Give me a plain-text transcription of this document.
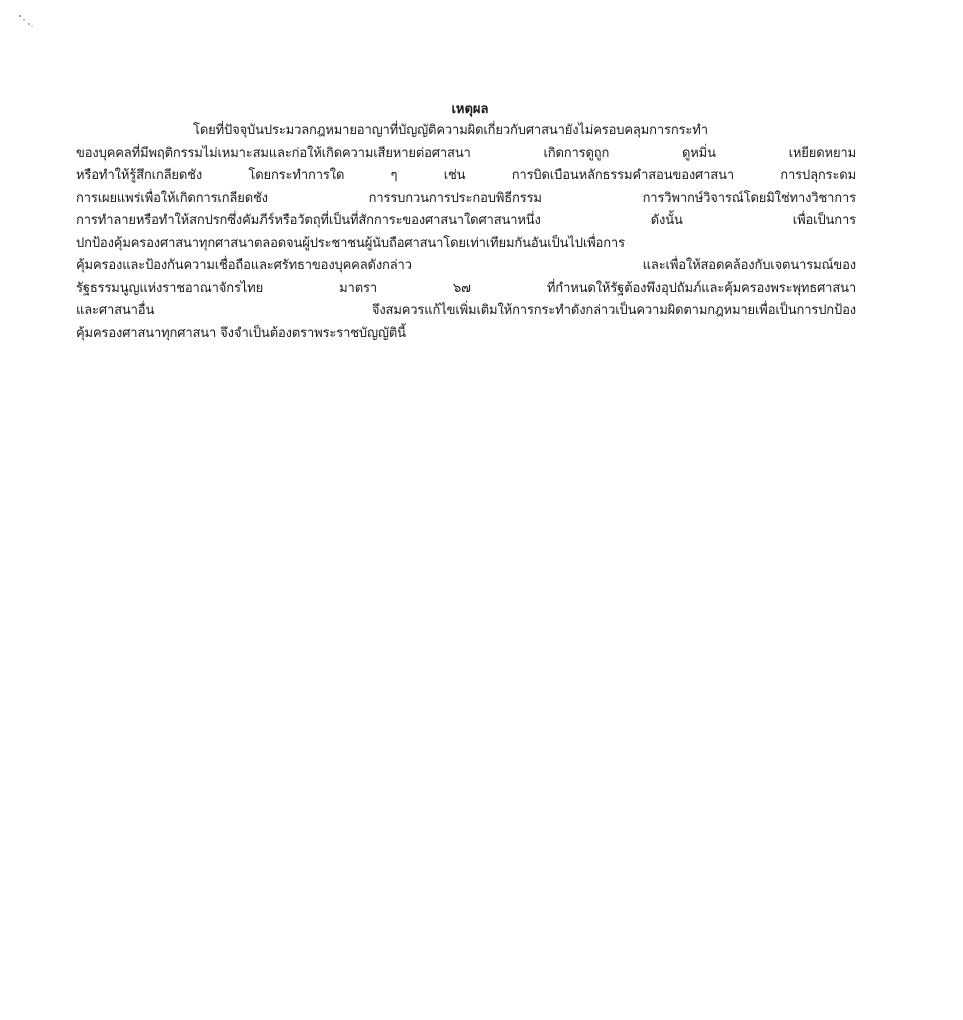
เหตุผล
โดยที่ปัจจุบันประมวลกฎหมายอาญาที่บัญญัติความผิดเกี่ยวกับศาสนายังไม่ครอบคลุมการกระทำ
ของบุคคลที่มีพฤติกรรมไม่เหมาะสมและก่อให้เกิดความเสียหายต่อศาสนา เกิดการดูถูก ดูหมิ่น เหยียดหยาม
หรือทำให้รู้สึกเกลียดชัง โดยกระทำการใด ๆ เช่น การบิดเบือนหลักธรรมคำสอนของศาสนา การปลุกระดม
การเผยแพร่เพื่อให้เกิดการเกลียดชัง การรบกวนการประกอบพิธีกรรม การวิพากษ์วิจารณ์โดยมิใช่ทางวิชาการ
การทำลายหรือทำให้สกปรกซึ่งคัมภีร์หรือวัตถุที่เป็นที่สักการะของศาสนาใดศาสนาหนึ่ง ดังนั้น เพื่อเป็นการ
ปกป้องคุ้มครองศาสนาทุกศาสนาตลอดจนผู้ประชาชนผู้นับถือศาสนาโดยเท่าเทียมกันอันเป็นไปเพื่อการ
คุ้มครองและป้องกันความเชื่อถือและศรัทธาของบุคคลดังกล่าว และเพื่อให้สอดคล้องกับเจตนารมณ์ของ
รัฐธรรมนูญแห่งราชอาณาจักรไทย มาตรา ๖๗ ที่กำหนดให้รัฐต้องพึงอุปถัมภ์และคุ้มครองพระพุทธศาสนา
และศาสนาอื่น จึงสมควรแก้ไขเพิ่มเติมให้การกระทำดังกล่าวเป็นความผิดตามกฎหมายเพื่อเป็นการปกป้อง
คุ้มครองศาสนาทุกศาสนา จึงจำเป็นต้องตราพระราชบัญญัตินี้
